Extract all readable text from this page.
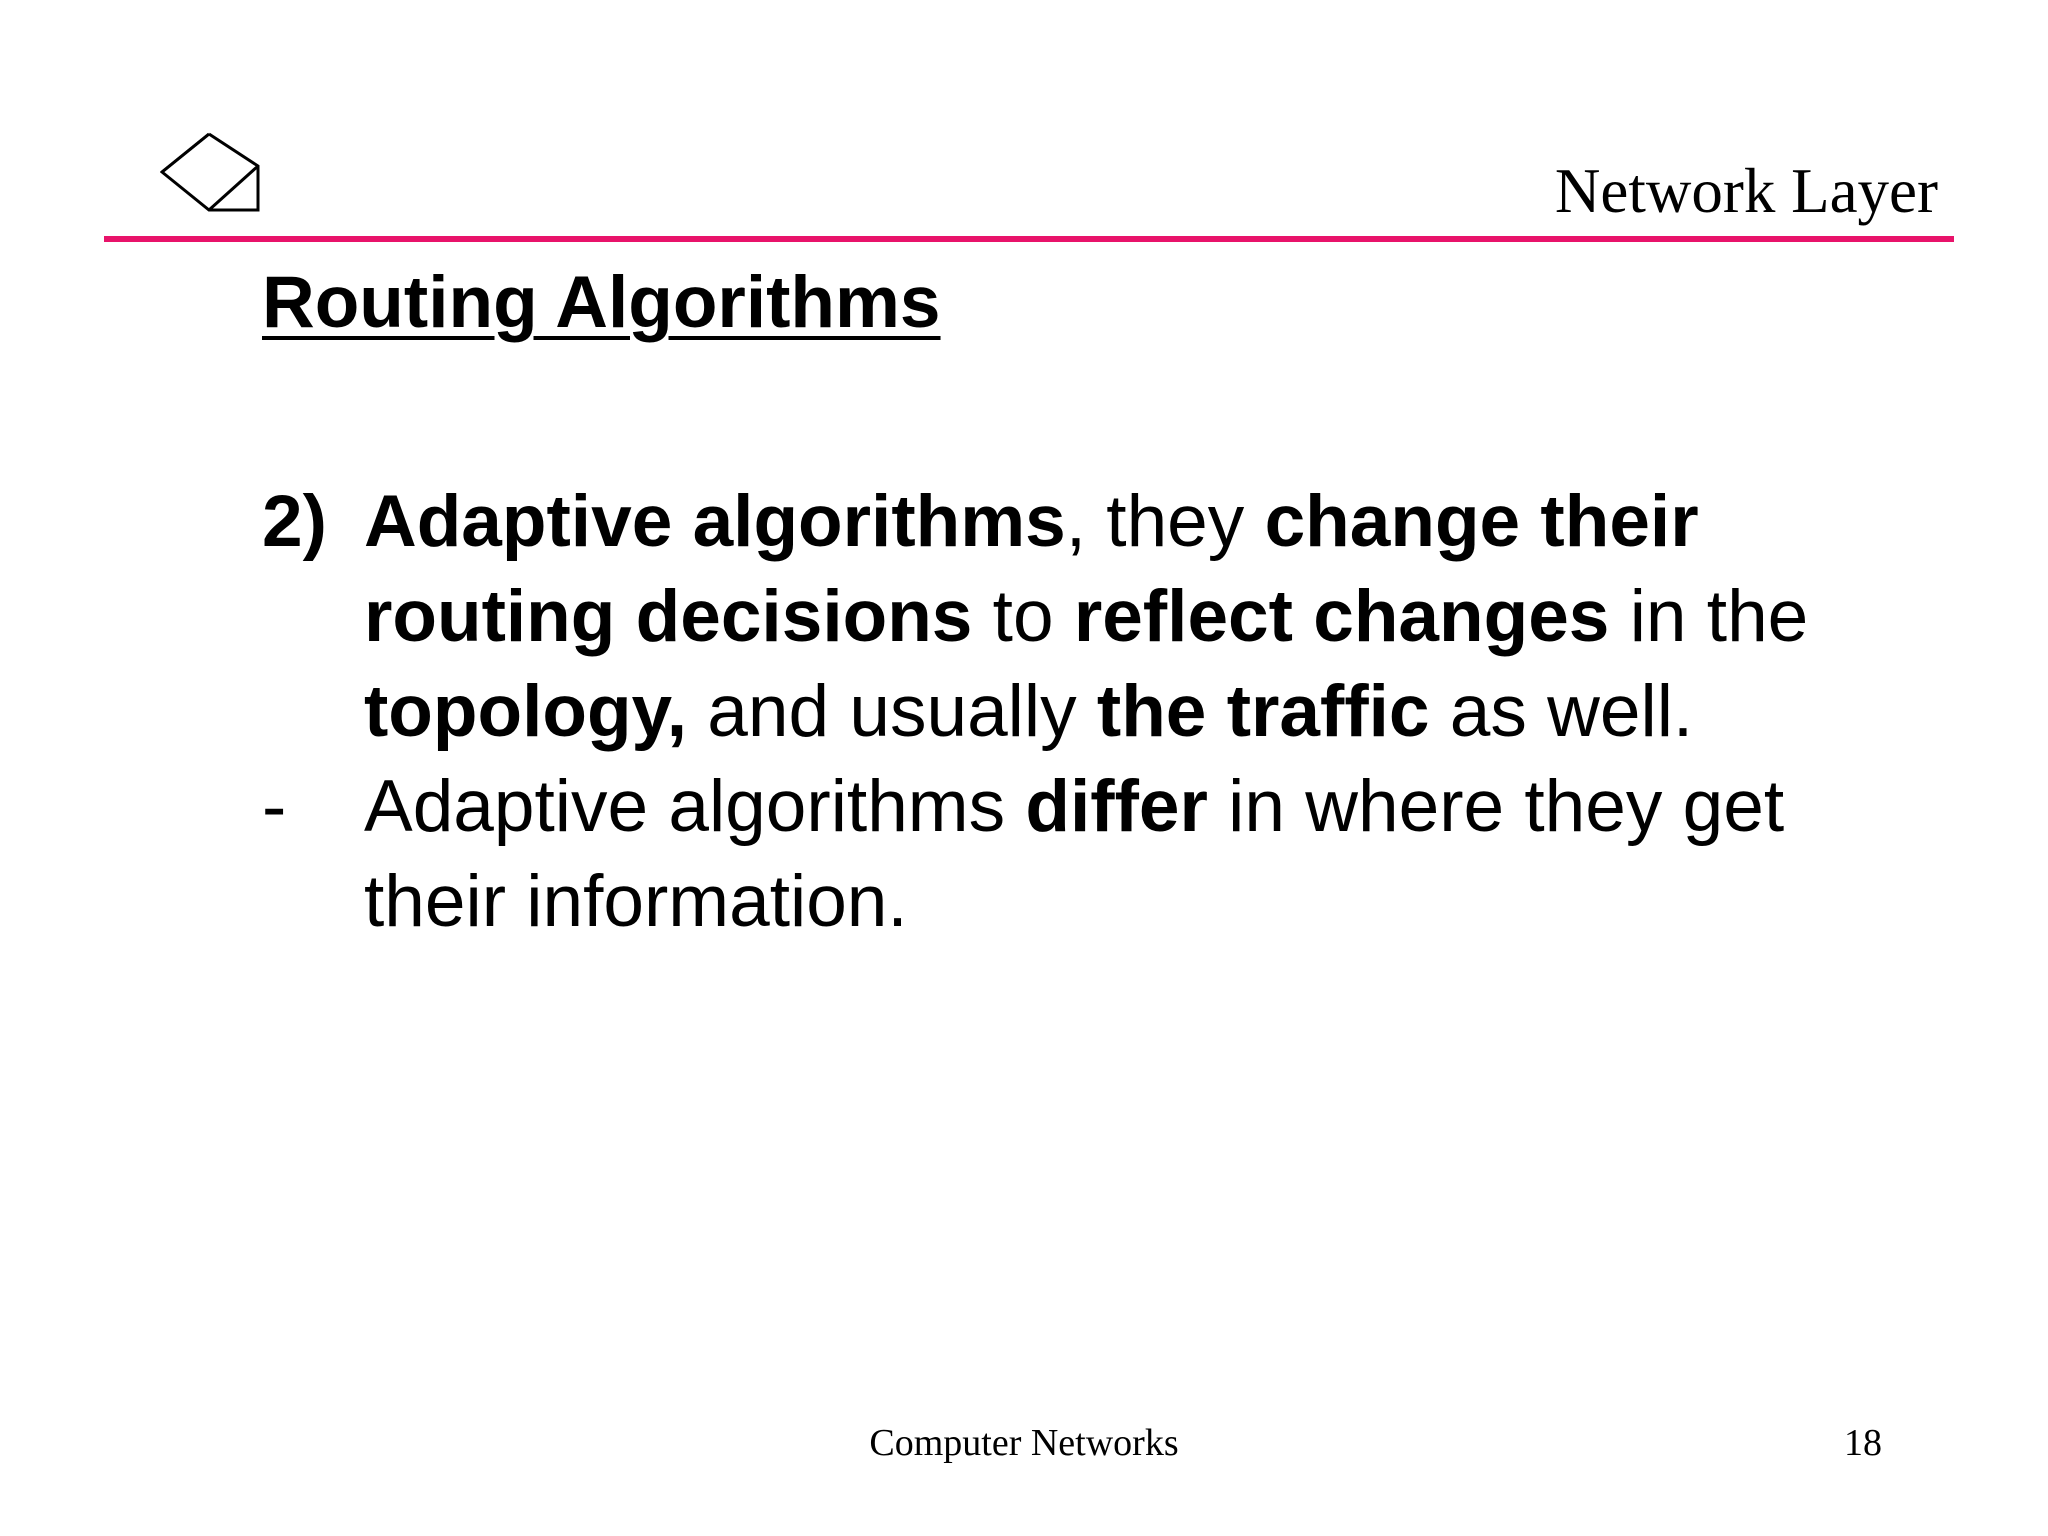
Network Layer
Routing Algorithms
2) Adaptive algorithms, they change their routing decisions to reflect changes in the topology, and usually the traffic as well.
-	Adaptive algorithms differ in where they get their information.
Computer Networks	18
